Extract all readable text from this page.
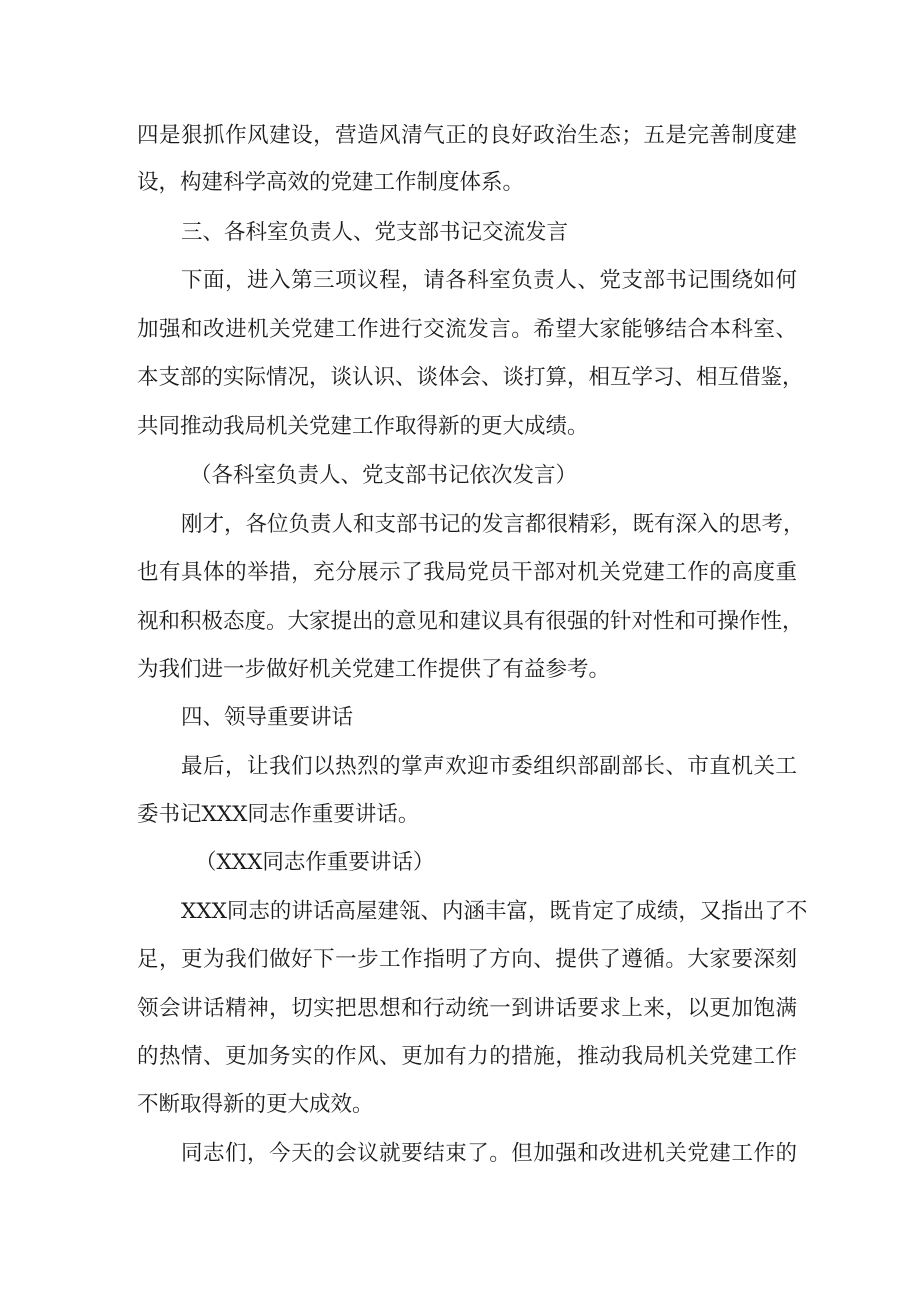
四是狠抓作风建设，营造风清气正的良好政治生态；五是完善制度建
设，构建科学高效的党建工作制度体系。
三、各科室负责人、党支部书记交流发言
下面，进入第三项议程，请各科室负责人、党支部书记围绕如何
加强和改进机关党建工作进行交流发言。希望大家能够结合本科室、
本支部的实际情况，谈认识、谈体会、谈打算，相互学习、相互借鉴，
共同推动我局机关党建工作取得新的更大成绩。
（各科室负责人、党支部书记依次发言）
刚才，各位负责人和支部书记的发言都很精彩，既有深入的思考，
也有具体的举措，充分展示了我局党员干部对机关党建工作的高度重
视和积极态度。大家提出的意见和建议具有很强的针对性和可操作性，
为我们进一步做好机关党建工作提供了有益参考。
四、领导重要讲话
最后，让我们以热烈的掌声欢迎市委组织部副部长、市直机关工
委书记XXX同志作重要讲话。
（XXX同志作重要讲话）
XXX同志的讲话高屋建瓴、内涵丰富，既肯定了成绩，又指出了不
足，更为我们做好下一步工作指明了方向、提供了遵循。大家要深刻
领会讲话精神，切实把思想和行动统一到讲话要求上来，以更加饱满
的热情、更加务实的作风、更加有力的措施，推动我局机关党建工作
不断取得新的更大成效。
同志们，今天的会议就要结束了。但加强和改进机关党建工作的
